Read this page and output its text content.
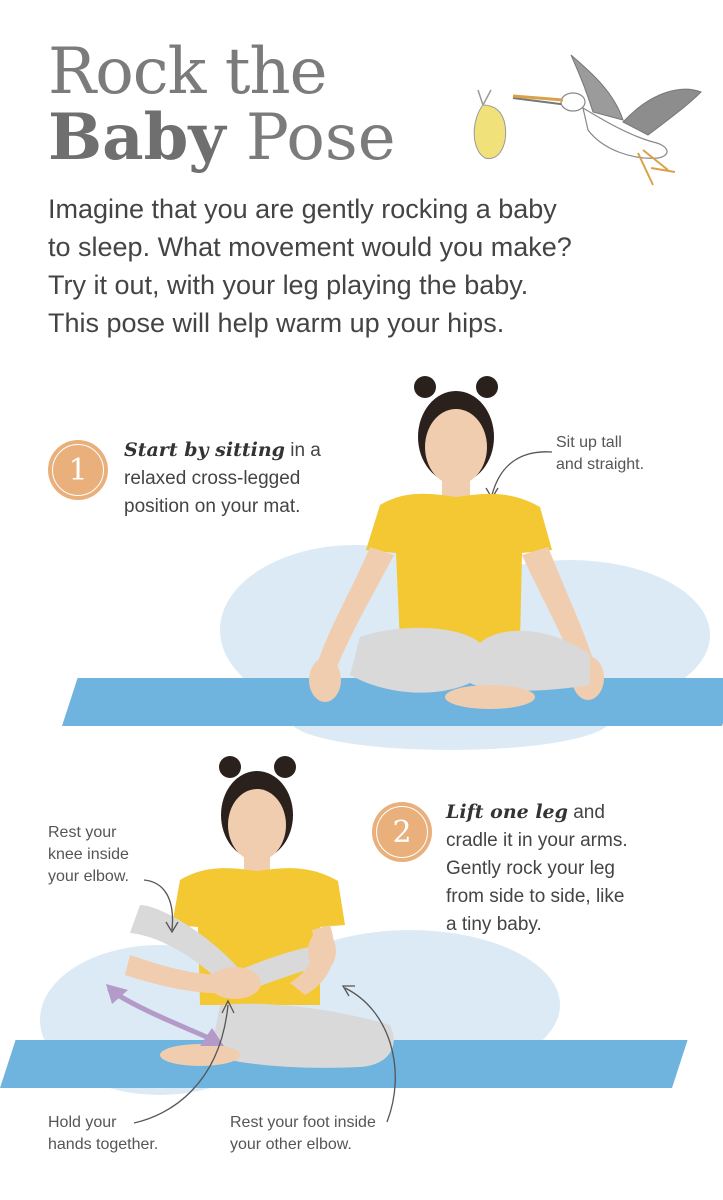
Rock the
Baby Pose

Imagine that you are gently rocking a baby

to sleep. What movement would you make?

Try it out, with your leg playing the baby.

This pose will help warm up your hips.

1
Start by sitting in a
relaxed cross-legged
position on your mat.
Sit up tall
and straight.
2
Lift one leg and
cradle it in your arms.
Gently rock your leg
from side to side, like
a tiny baby.
Rest your
knee inside
your elbow.
Hold your
hands together.
Rest your foot inside
your other elbow.
